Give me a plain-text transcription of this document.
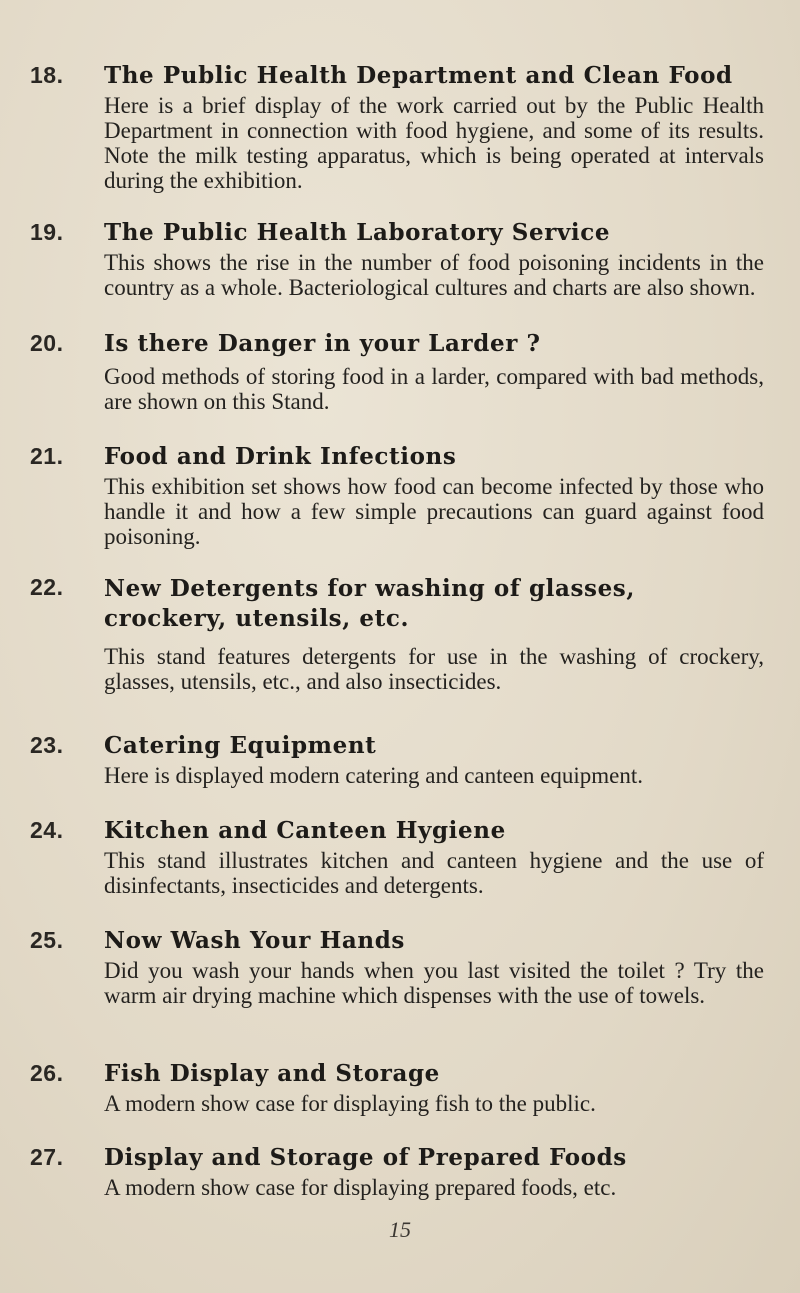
18. The Public Health Department and Clean Food
Here is a brief display of the work carried out by the Public Health Department in connection with food hygiene, and some of its results. Note the milk testing apparatus, which is being operated at intervals during the exhibition.
19. The Public Health Laboratory Service
This shows the rise in the number of food poisoning incidents in the country as a whole. Bacteriological cultures and charts are also shown.
20. Is there Danger in your Larder ?
Good methods of storing food in a larder, compared with bad methods, are shown on this Stand.
21. Food and Drink Infections
This exhibition set shows how food can become infected by those who handle it and how a few simple precautions can guard against food poisoning.
22. New Detergents for washing of glasses, crockery, utensils, etc.
This stand features detergents for use in the washing of crockery, glasses, utensils, etc., and also insecticides.
23. Catering Equipment
Here is displayed modern catering and canteen equipment.
24. Kitchen and Canteen Hygiene
This stand illustrates kitchen and canteen hygiene and the use of disinfectants, insecticides and detergents.
25. Now Wash Your Hands
Did you wash your hands when you last visited the toilet ? Try the warm air drying machine which dispenses with the use of towels.
26. Fish Display and Storage
A modern show case for displaying fish to the public.
27. Display and Storage of Prepared Foods
A modern show case for displaying prepared foods, etc.
15
